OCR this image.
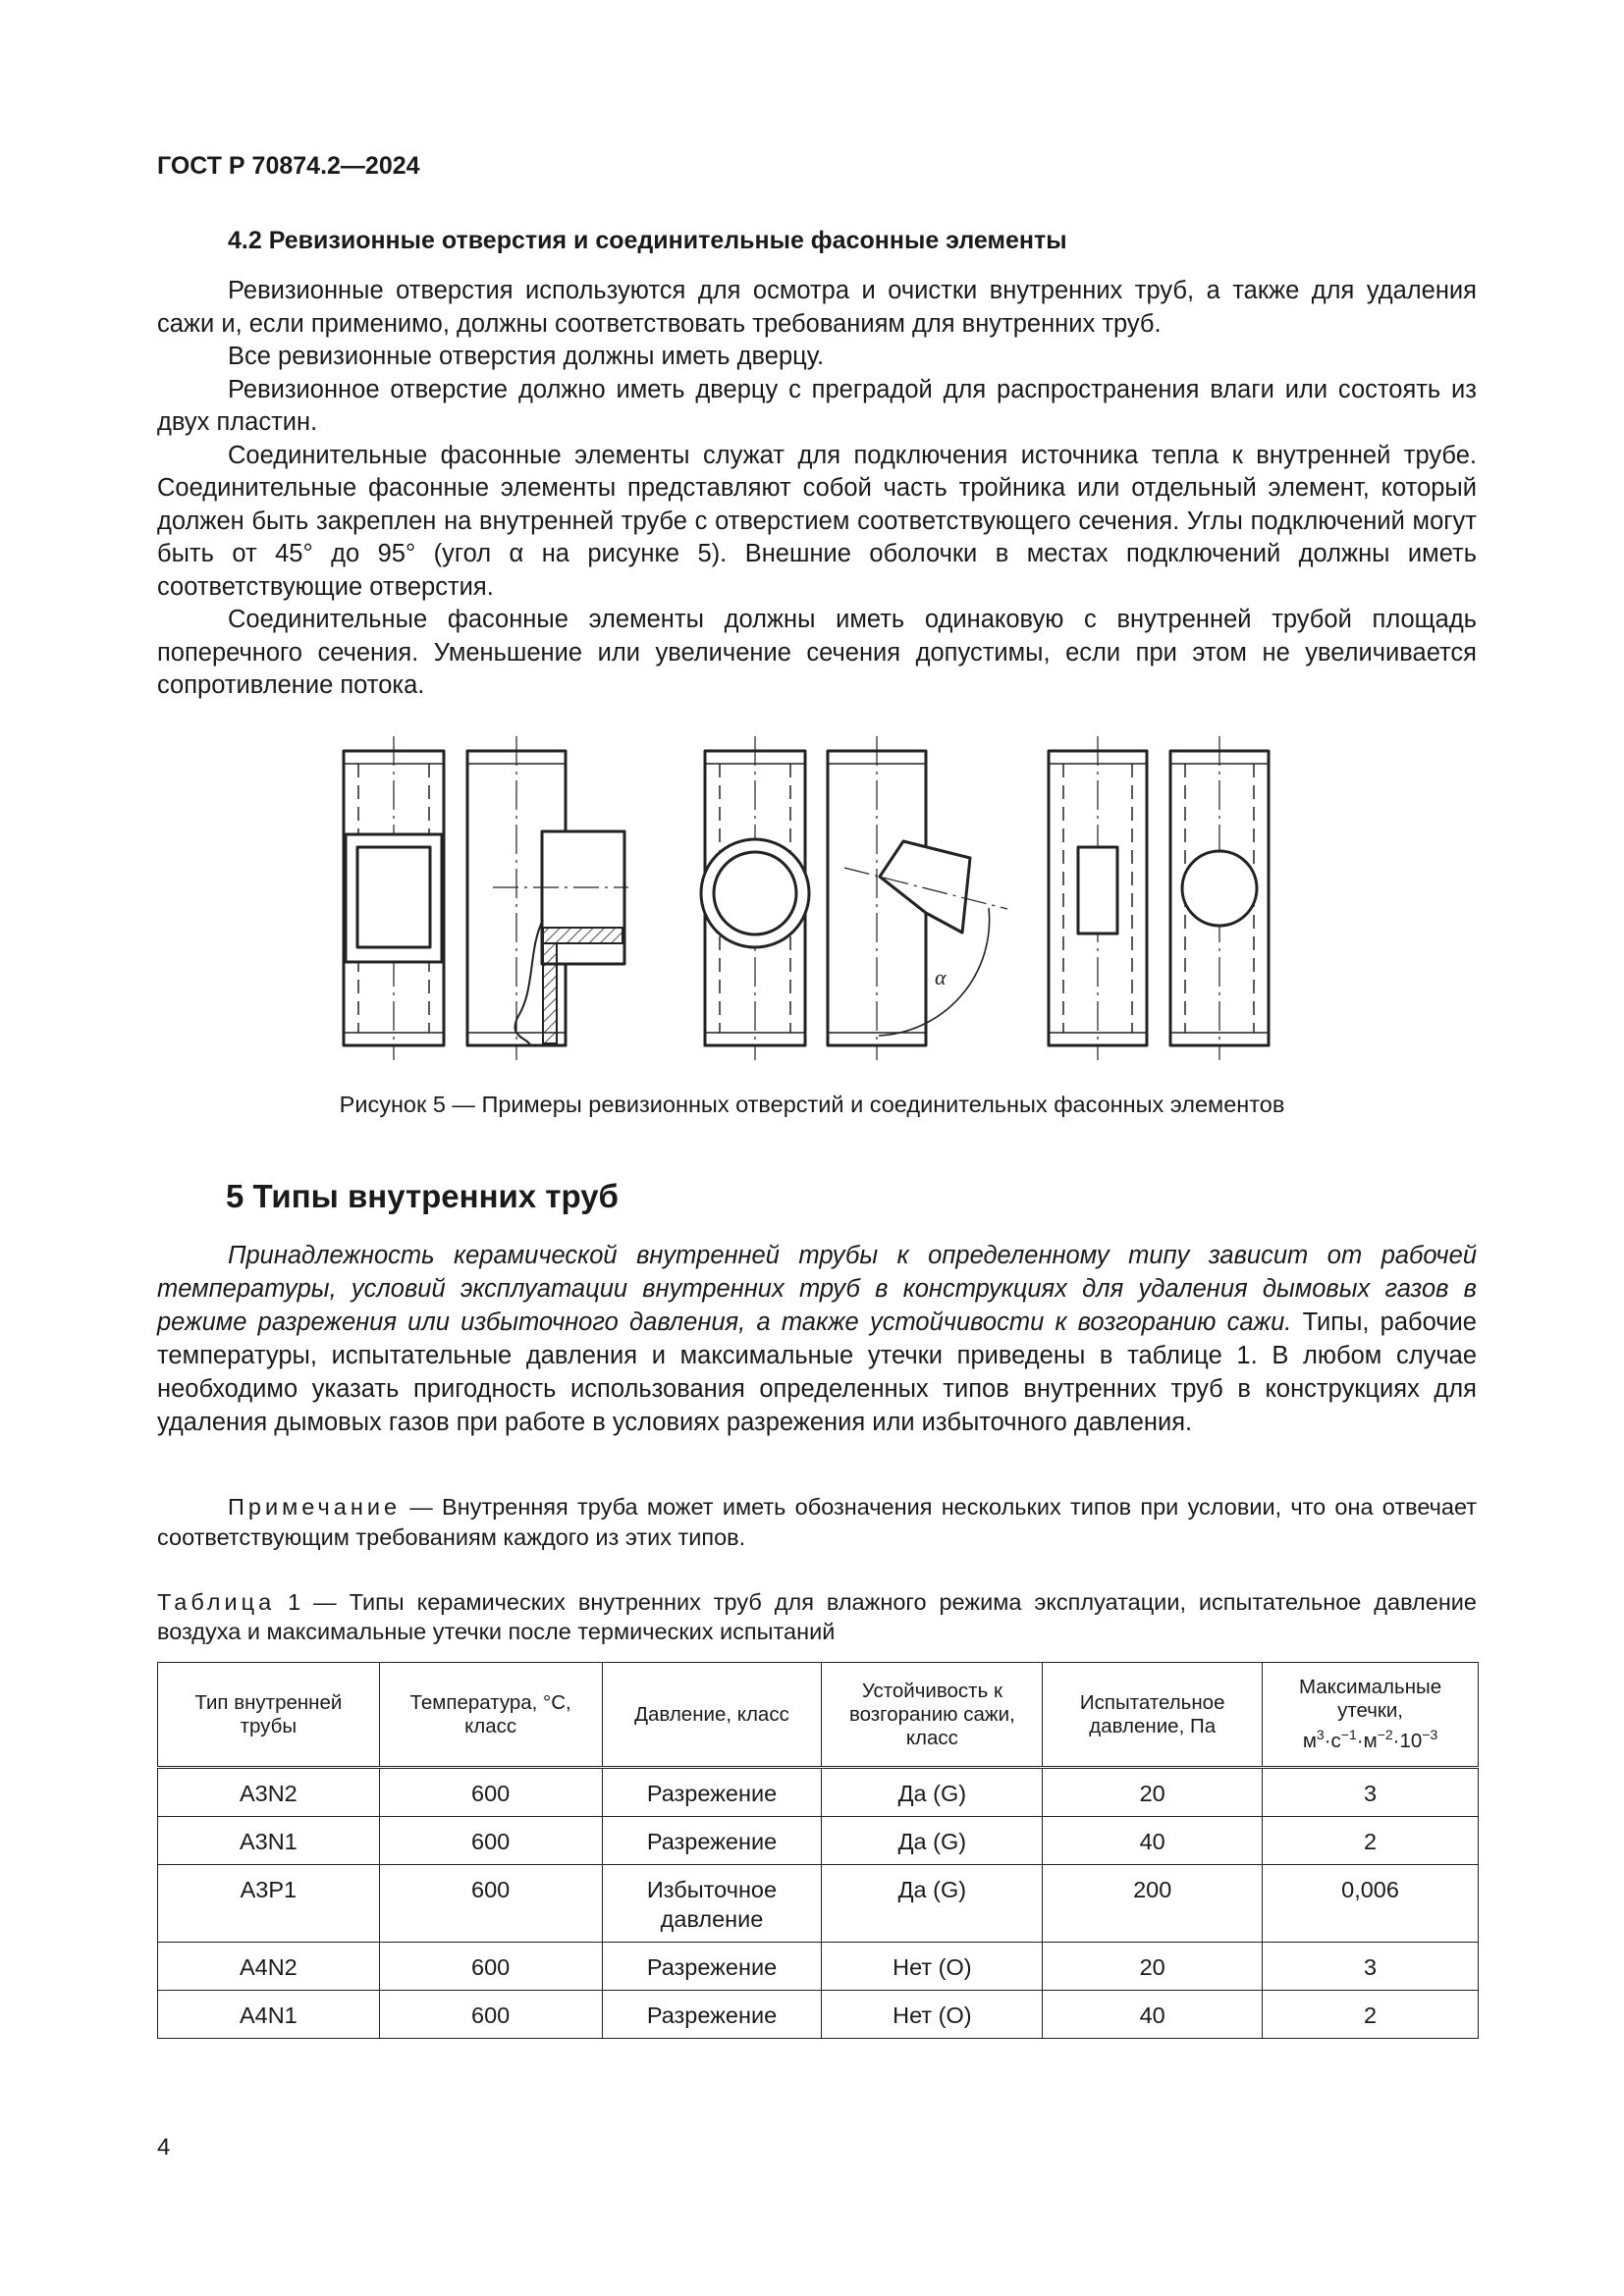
ГОСТ Р 70874.2—2024
4.2 Ревизионные отверстия и соединительные фасонные элементы

Ревизионные отверстия используются для осмотра и очистки внутренних труб, а также для удаления сажи и, если применимо, должны соответствовать требованиям для внутренних труб.

Все ревизионные отверстия должны иметь дверцу.

Ревизионное отверстие должно иметь дверцу с преградой для распространения влаги или состоять из двух пластин.

Соединительные фасонные элементы служат для подключения источника тепла к внутренней трубе. Соединительные фасонные элементы представляют собой часть тройника или отдельный элемент, который должен быть закреплен на внутренней трубе с отверстием соответствующего сечения. Углы подключений могут быть от 45° до 95° (угол α на рисунке 5). Внешние оболочки в местах подключений должны иметь соответствующие отверстия.

Соединительные фасонные элементы должны иметь одинаковую с внутренней трубой площадь поперечного сечения. Уменьшение или увеличение сечения допустимы, если при этом не увеличивается сопротивление потока.

α
Рисунок 5 — Примеры ревизионных отверстий и соединительных фасонных элементов
5 Типы внутренних труб

Принадлежность керамической внутренней трубы к определенному типу зависит от рабочей температуры, условий эксплуатации внутренних труб в конструкциях для удаления дымовых газов в режиме разрежения или избыточного давления, а также устойчивости к возгоранию сажи. Типы, рабочие температуры, испытательные давления и максимальные утечки приведены в таблице 1. В любом случае необходимо указать пригодность использования определенных типов внутренних труб в конструкциях для удаления дымовых газов при работе в условиях разрежения или избыточного давления.

Примечание — Внутренняя труба может иметь обозначения нескольких типов при условии, что она отвечает соответствующим требованиям каждого из этих типов.
Таблица 1 — Типы керамических внутренних труб для влажного режима эксплуатации, испытательное давление воздуха и максимальные утечки после термических испытаний
Тип внутренней трубы	Температура, °С, класс	Давление, класс	Устойчивость к возгоранию сажи, класс	Испытательное давление, Па	Максимальные утечки,
$м^3\cdot с^{-1}\cdot м^{-2}\cdot 10^{-3}$
A3N2	600	Разрежение	Да (G)	20	3
A3N1	600	Разрежение	Да (G)	40	2
A3P1	600	Избыточное давление	Да (G)	200	0,006
A4N2	600	Разрежение	Нет (O)	20	3
A4N1	600	Разрежение	Нет (O)	40	2
4
